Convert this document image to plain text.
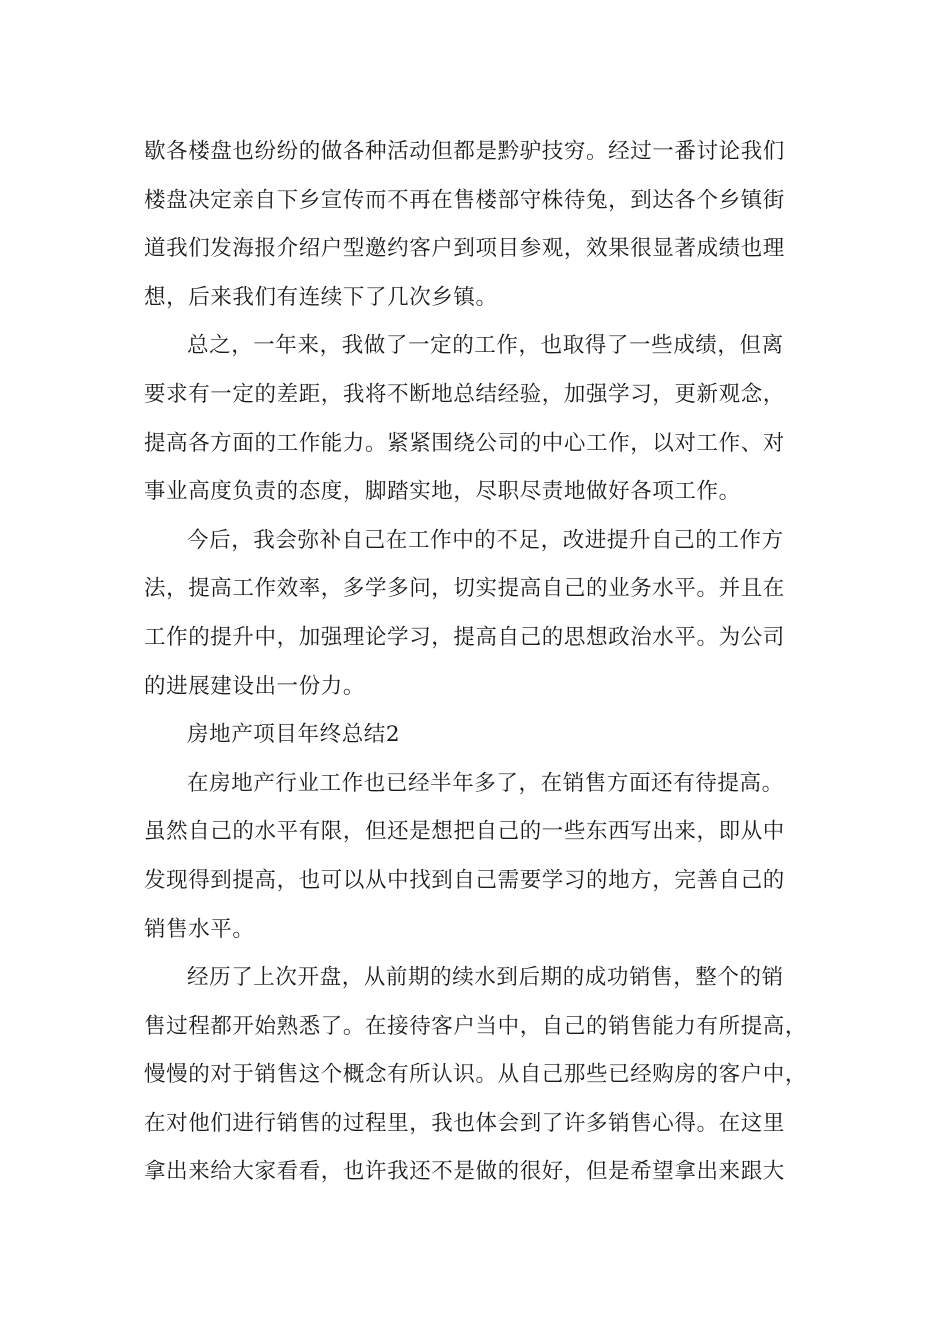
歇各楼盘也纷纷的做各种活动但都是黔驴技穷。经过一番讨论我们
楼盘决定亲自下乡宣传而不再在售楼部守株待兔，到达各个乡镇街
道我们发海报介绍户型邀约客户到项目参观，效果很显著成绩也理
想，后来我们有连续下了几次乡镇。
总之，一年来，我做了一定的工作，也取得了一些成绩，但离
要求有一定的差距，我将不断地总结经验，加强学习，更新观念，
提高各方面的工作能力。紧紧围绕公司的中心工作，以对工作、对
事业高度负责的态度，脚踏实地，尽职尽责地做好各项工作。
今后，我会弥补自己在工作中的不足，改进提升自己的工作方
法，提高工作效率，多学多问，切实提高自己的业务水平。并且在
工作的提升中，加强理论学习，提高自己的思想政治水平。为公司
的进展建设出一份力。
房地产项目年终总结2
在房地产行业工作也已经半年多了，在销售方面还有待提高。
虽然自己的水平有限，但还是想把自己的一些东西写出来，即从中
发现得到提高，也可以从中找到自己需要学习的地方，完善自己的
销售水平。
经历了上次开盘，从前期的续水到后期的成功销售，整个的销
售过程都开始熟悉了。在接待客户当中，自己的销售能力有所提高，
慢慢的对于销售这个概念有所认识。从自己那些已经购房的客户中，
在对他们进行销售的过程里，我也体会到了许多销售心得。在这里
拿出来给大家看看，也许我还不是做的很好，但是希望拿出来跟大
